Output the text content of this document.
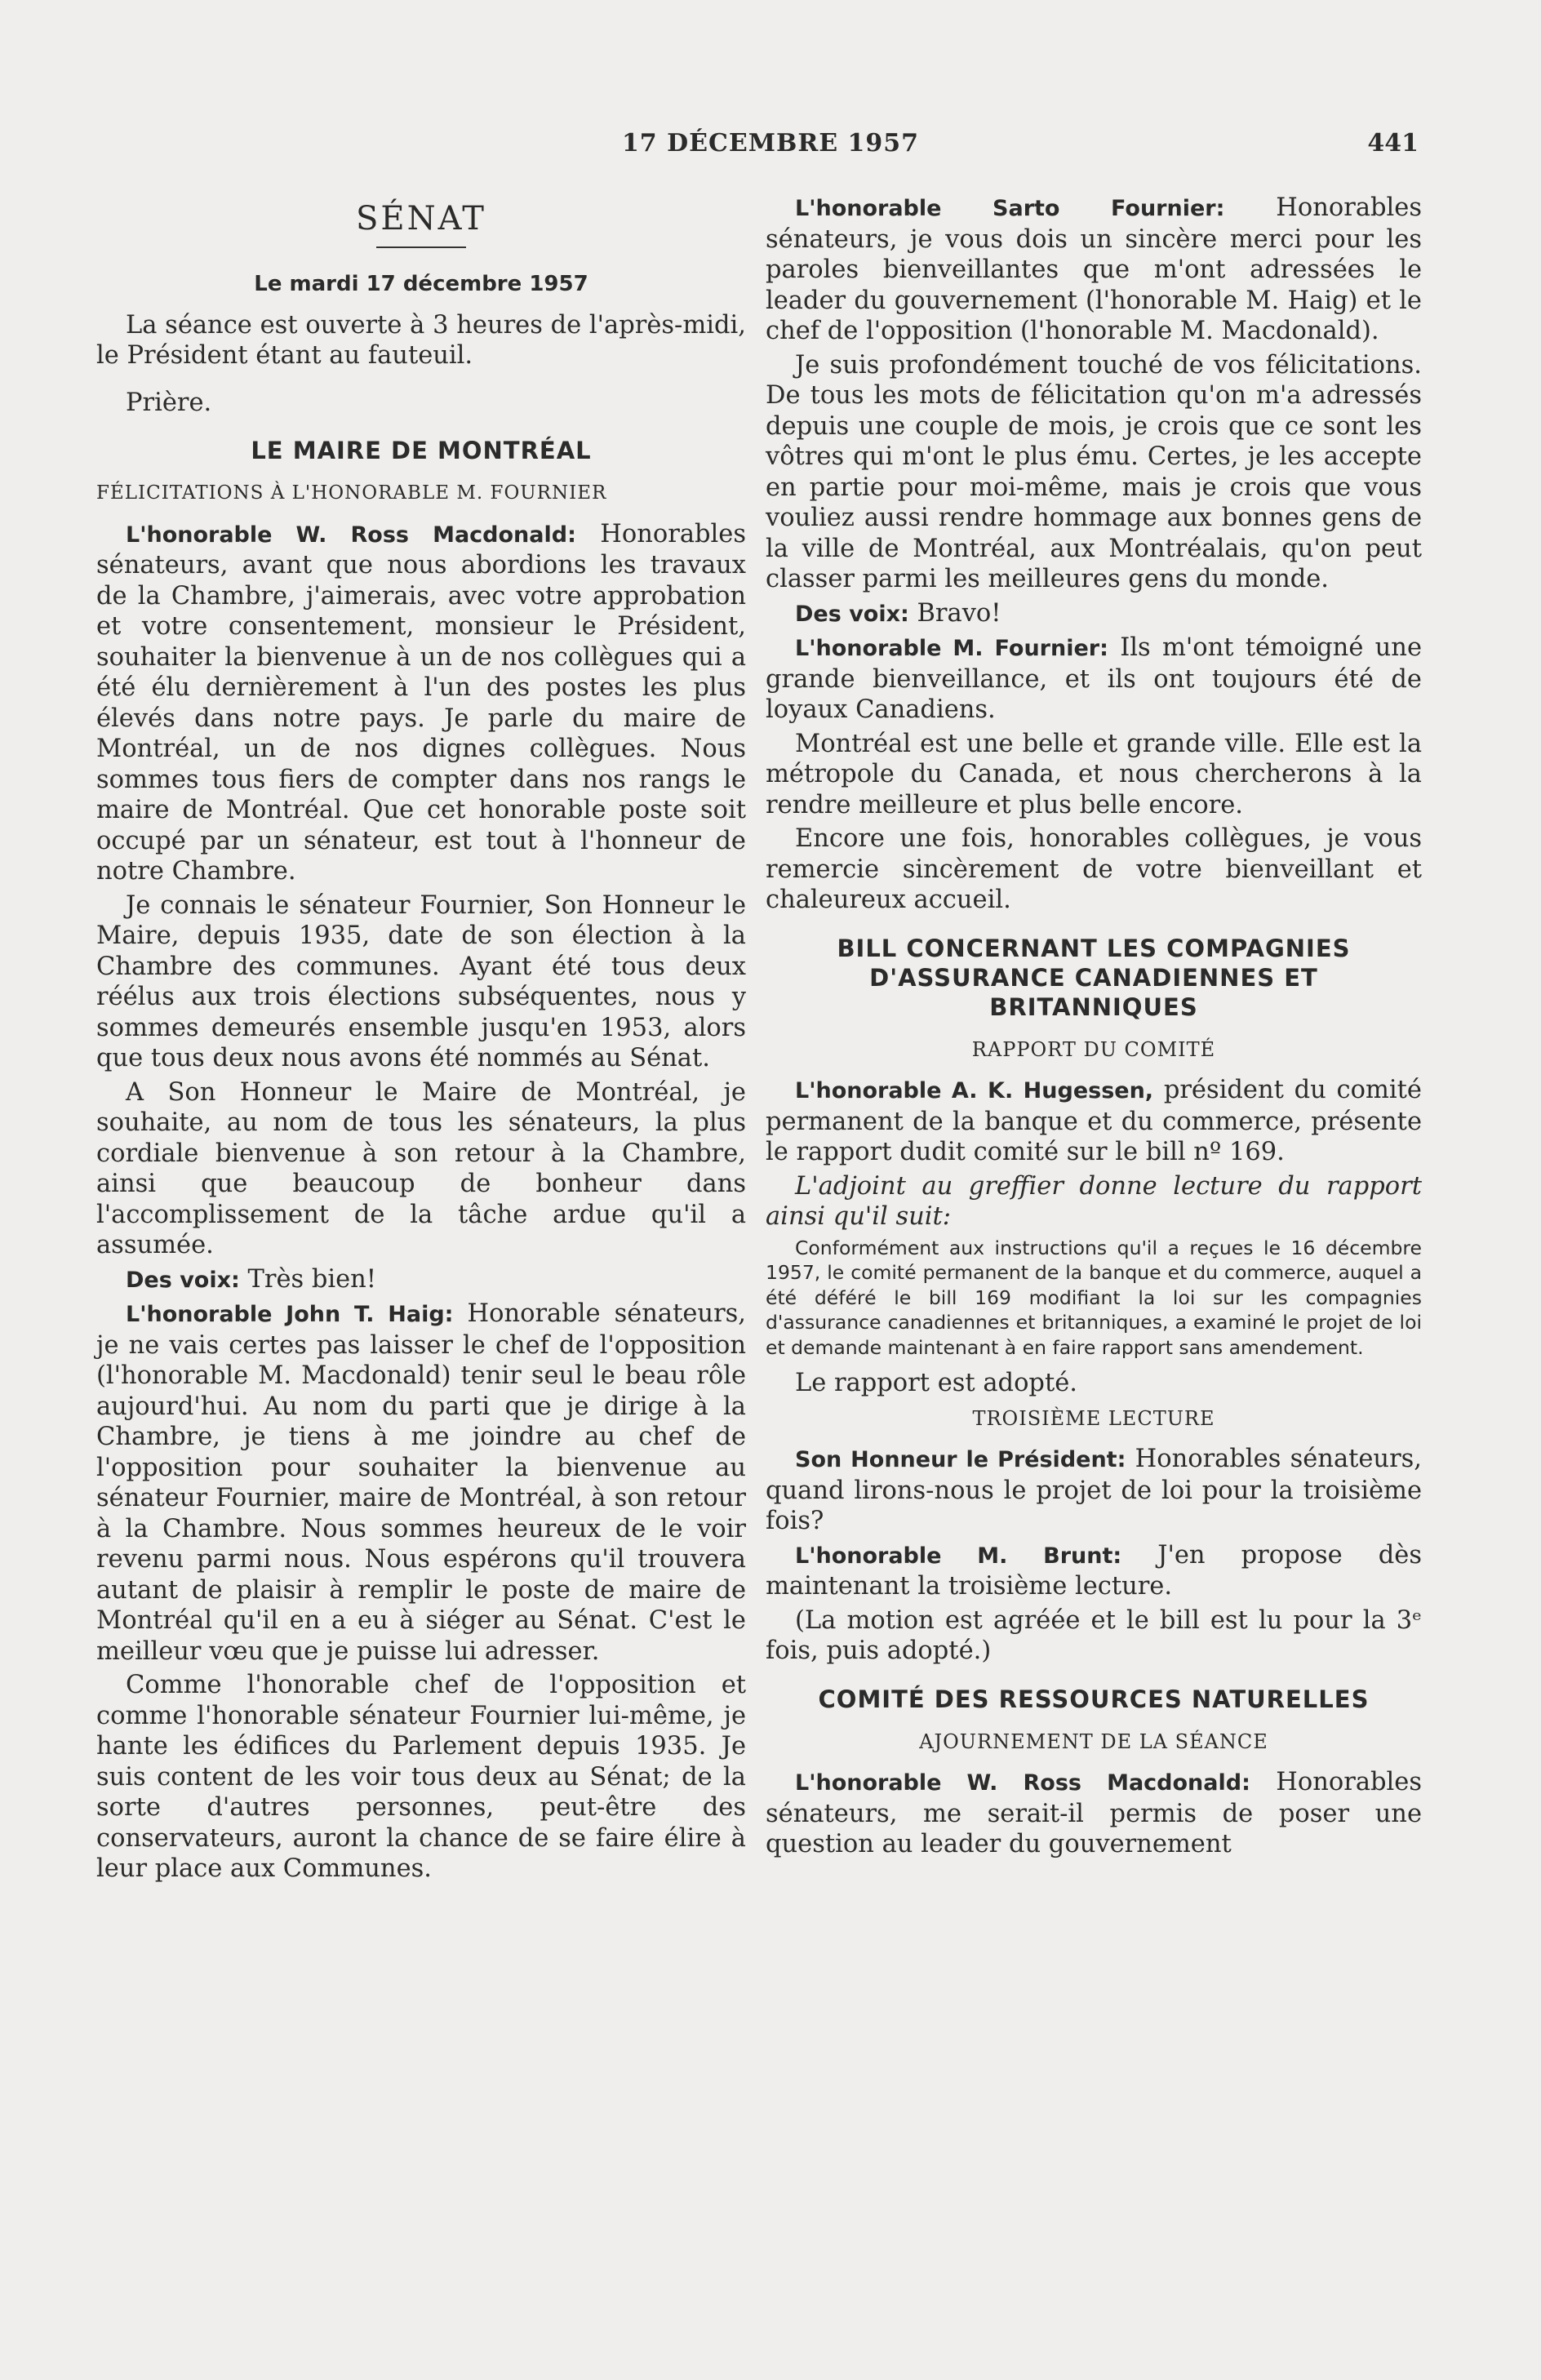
17 DÉCEMBRE 1957	441
SÉNAT
Le mardi 17 décembre 1957

La séance est ouverte à 3 heures de l'après-midi, le Président étant au fauteuil.

Prière.

LE MAIRE DE MONTRÉAL
FÉLICITATIONS À L'HONORABLE M. FOURNIER

L'honorable W. Ross Macdonald: Honorables sénateurs, avant que nous abordions les travaux de la Chambre, j'aimerais, avec votre approbation et votre consentement, monsieur le Président, souhaiter la bienvenue à un de nos collègues qui a été élu dernièrement à l'un des postes les plus élevés dans notre pays. Je parle du maire de Montréal, un de nos dignes collègues. Nous sommes tous fiers de compter dans nos rangs le maire de Montréal. Que cet honorable poste soit occupé par un sénateur, est tout à l'honneur de notre Chambre.

Je connais le sénateur Fournier, Son Honneur le Maire, depuis 1935, date de son élection à la Chambre des communes. Ayant été tous deux réélus aux trois élections subséquentes, nous y sommes demeurés ensemble jusqu'en 1953, alors que tous deux nous avons été nommés au Sénat.

A Son Honneur le Maire de Montréal, je souhaite, au nom de tous les sénateurs, la plus cordiale bienvenue à son retour à la Chambre, ainsi que beaucoup de bonheur dans l'accomplissement de la tâche ardue qu'il a assumée.

Des voix: Très bien!

L'honorable John T. Haig: Honorable sénateurs, je ne vais certes pas laisser le chef de l'opposition (l'honorable M. Macdonald) tenir seul le beau rôle aujourd'hui. Au nom du parti que je dirige à la Chambre, je tiens à me joindre au chef de l'opposition pour souhaiter la bienvenue au sénateur Fournier, maire de Montréal, à son retour à la Chambre. Nous sommes heureux de le voir revenu parmi nous. Nous espérons qu'il trouvera autant de plaisir à remplir le poste de maire de Montréal qu'il en a eu à siéger au Sénat. C'est le meilleur vœu que je puisse lui adresser.

Comme l'honorable chef de l'opposition et comme l'honorable sénateur Fournier lui-même, je hante les édifices du Parlement depuis 1935. Je suis content de les voir tous deux au Sénat; de la sorte d'autres personnes, peut-être des conservateurs, auront la chance de se faire élire à leur place aux Communes.

L'honorable Sarto Fournier: Honorables sénateurs, je vous dois un sincère merci pour les paroles bienveillantes que m'ont adressées le leader du gouvernement (l'honorable M. Haig) et le chef de l'opposition (l'honorable M. Macdonald).

Je suis profondément touché de vos félicitations. De tous les mots de félicitation qu'on m'a adressés depuis une couple de mois, je crois que ce sont les vôtres qui m'ont le plus ému. Certes, je les accepte en partie pour moi-même, mais je crois que vous vouliez aussi rendre hommage aux bonnes gens de la ville de Montréal, aux Montréalais, qu'on peut classer parmi les meilleures gens du monde.

Des voix: Bravo!

L'honorable M. Fournier: Ils m'ont témoigné une grande bienveillance, et ils ont toujours été de loyaux Canadiens.

Montréal est une belle et grande ville. Elle est la métropole du Canada, et nous chercherons à la rendre meilleure et plus belle encore.

Encore une fois, honorables collègues, je vous remercie sincèrement de votre bienveillant et chaleureux accueil.

BILL CONCERNANT LES COMPAGNIES D'ASSURANCE CANADIENNES ET BRITANNIQUES
RAPPORT DU COMITÉ

L'honorable A. K. Hugessen, président du comité permanent de la banque et du commerce, présente le rapport dudit comité sur le bill nº 169.

L'adjoint au greffier donne lecture du rapport ainsi qu'il suit:

Conformément aux instructions qu'il a reçues le 16 décembre 1957, le comité permanent de la banque et du commerce, auquel a été déféré le bill 169 modifiant la loi sur les compagnies d'assurance canadiennes et britanniques, a examiné le projet de loi et demande maintenant à en faire rapport sans amendement.

Le rapport est adopté.

TROISIÈME LECTURE

Son Honneur le Président: Honorables sénateurs, quand lirons-nous le projet de loi pour la troisième fois?

L'honorable M. Brunt: J'en propose dès maintenant la troisième lecture.

(La motion est agréée et le bill est lu pour la 3ᵉ fois, puis adopté.)

COMITÉ DES RESSOURCES NATURELLES
AJOURNEMENT DE LA SÉANCE

L'honorable W. Ross Macdonald: Honorables sénateurs, me serait-il permis de poser une question au leader du gouvernement
